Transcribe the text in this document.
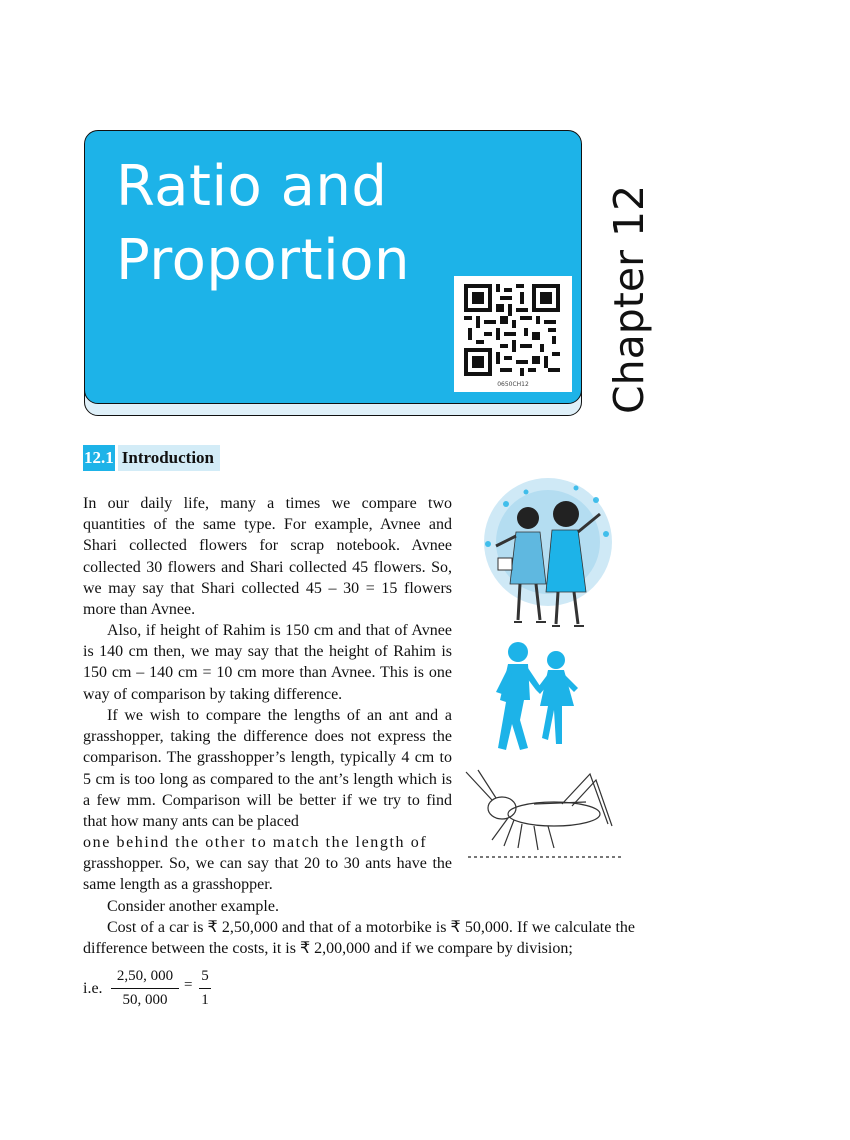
Ratio and
Proportion
0650CH12	Chapter 12
12.1 Introduction
In our daily life, many a times we compare two quantities of the same type. For example, Avnee and Shari collected flowers for scrap notebook. Avnee collected 30 flowers and Shari collected 45 flowers. So, we may say that Shari collected 45 – 30 = 15 flowers more than Avnee.
Also, if height of Rahim is 150 cm and that of Avnee is 140 cm then, we may say that the height of Rahim is 150 cm – 140 cm = 10 cm more than Avnee. This is one way of comparison by taking difference.
If we wish to compare the lengths of an ant and a grasshopper, taking the difference does not express the comparison. The grasshopper’s length, typically 4 cm to 5 cm is too long as compared to the ant’s length which is a few mm. Comparison will be better if we try to find that how many ants can be placed
one behind the other to match the length of
grasshopper. So, we can say that 20 to 30 ants have the same length as a grasshopper.
Consider another example.
Cost of a car is ₹ 2,50,000 and that of a motorbike is ₹ 50,000. If we calculate the difference between the costs, it is ₹ 2,00,000 and if we compare by division;
i.e. $\frac{2,50, 000}{50, 000} = \frac{5}{1}$
